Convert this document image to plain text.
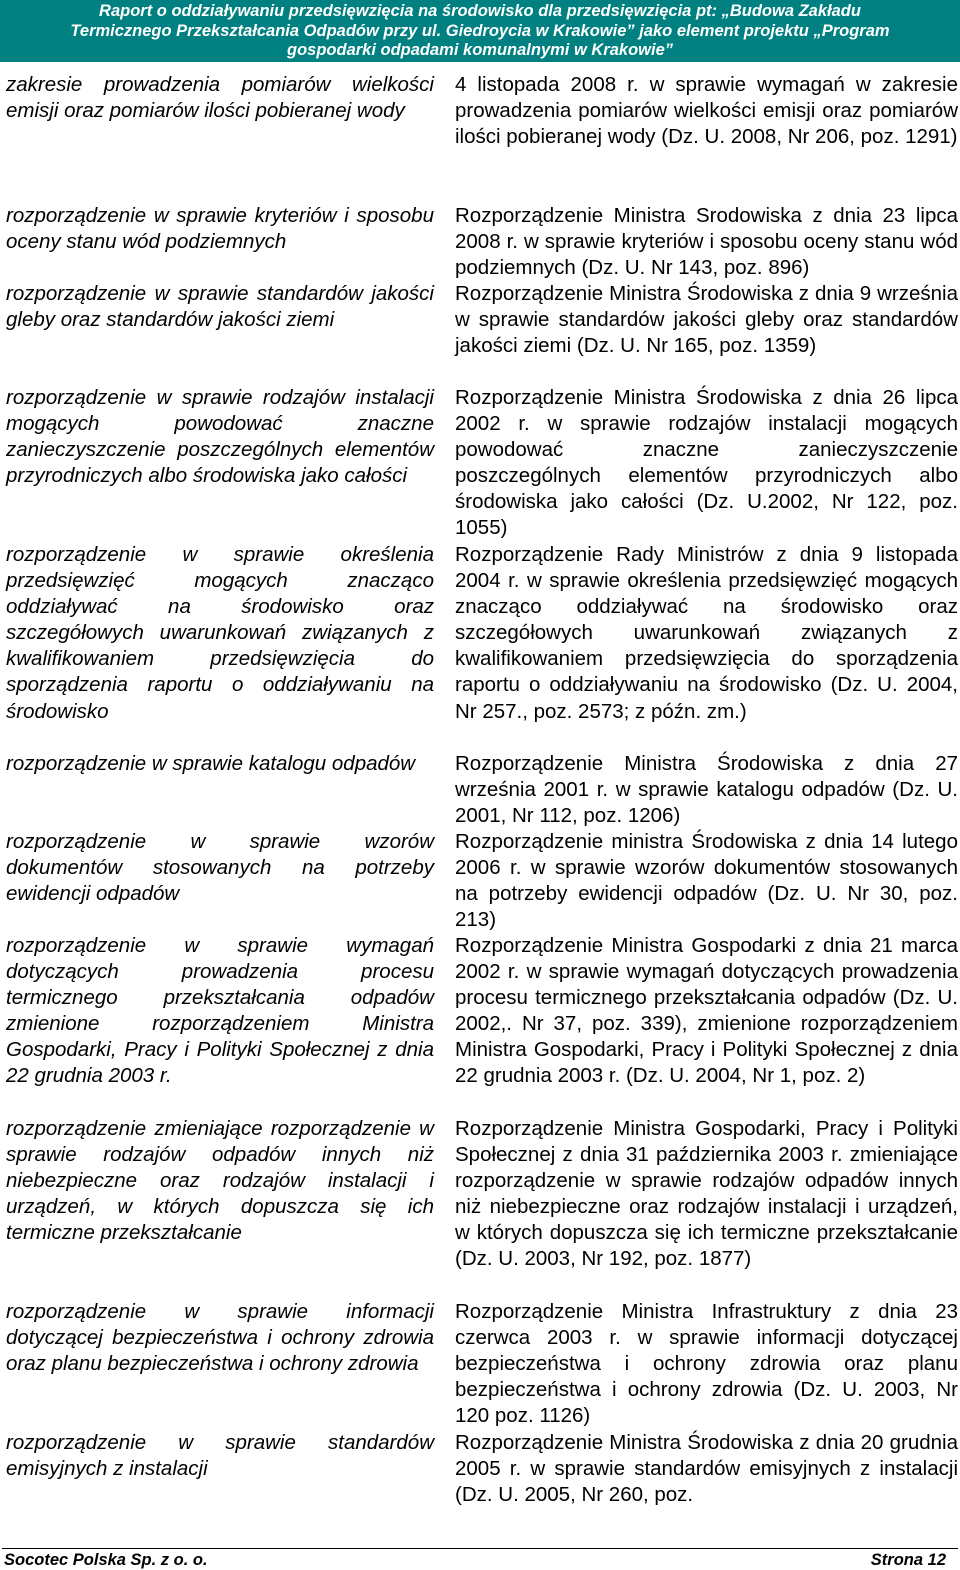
Raport o oddziaływaniu przedsięwzięcia na środowisko dla przedsięwzięcia pt: „Budowa Zakładu
Termicznego Przekształcania Odpadów przy ul. Giedroycia w Krakowie” jako element projektu „Program
gospodarki odpadami komunalnymi w Krakowie”
zakresie prowadzenia pomiarów wielkości emisji oraz pomiarów ilości pobieranej wody
4 listopada 2008 r. w sprawie wymagań w zakresie prowadzenia pomiarów wielkości emisji oraz pomiarów ilości pobieranej wody (Dz. U. 2008, Nr 206, poz. 1291)
rozporządzenie w sprawie kryteriów i sposobu oceny stanu wód podziemnych
Rozporządzenie Ministra Srodowiska z dnia 23 lipca 2008 r. w sprawie kryteriów i sposobu oceny stanu wód podziemnych (Dz. U. Nr 143, poz. 896)
rozporządzenie w sprawie standardów jakości gleby oraz standardów jakości ziemi
Rozporządzenie Ministra Środowiska z dnia 9 września w sprawie standardów jakości gleby oraz standardów jakości ziemi (Dz. U. Nr 165, poz. 1359)
rozporządzenie w sprawie rodzajów instalacji mogących powodować znaczne zanieczyszczenie poszczególnych elementów przyrodniczych albo środowiska jako całości
Rozporządzenie Ministra Środowiska z dnia 26 lipca 2002 r. w sprawie rodzajów instalacji mogących powodować znaczne zanieczyszczenie poszczególnych elementów przyrodniczych albo środowiska jako całości (Dz. U.2002, Nr 122, poz. 1055)
rozporządzenie w sprawie określenia przedsięwzięć mogących znacząco oddziaływać na środowisko oraz szczegółowych uwarunkowań związanych z kwalifikowaniem przedsięwzięcia do sporządzenia raportu o oddziaływaniu na środowisko
Rozporządzenie Rady Ministrów z dnia 9 listopada 2004 r. w sprawie określenia przedsięwzięć mogących znacząco oddziaływać na środowisko oraz szczegółowych uwarunkowań związanych z kwalifikowaniem przedsięwzięcia do sporządzenia raportu o oddziaływaniu na środowisko (Dz. U. 2004, Nr 257., poz. 2573; z późn. zm.)
rozporządzenie w sprawie katalogu odpadów	Rozporządzenie Ministra Środowiska z dnia 27 września 2001 r. w sprawie katalogu odpadów (Dz. U. 2001, Nr 112, poz. 1206)
rozporządzenie w sprawie wzorów dokumentów stosowanych na potrzeby ewidencji odpadów
Rozporządzenie ministra Środowiska z dnia 14 lutego 2006 r. w sprawie wzorów dokumentów stosowanych na potrzeby ewidencji odpadów (Dz. U. Nr 30, poz. 213)
rozporządzenie w sprawie wymagań dotyczących prowadzenia procesu termicznego przekształcania odpadów zmienione rozporządzeniem Ministra Gospodarki, Pracy i Polityki Społecznej z dnia 22 grudnia 2003 r.
Rozporządzenie Ministra Gospodarki z dnia 21 marca 2002 r. w sprawie wymagań dotyczących prowadzenia procesu termicznego przekształcania odpadów (Dz. U. 2002,. Nr 37, poz. 339), zmienione rozporządzeniem Ministra Gospodarki, Pracy i Polityki Społecznej z dnia 22 grudnia 2003 r. (Dz. U. 2004, Nr 1, poz. 2)
rozporządzenie zmieniające rozporządzenie w sprawie rodzajów odpadów innych niż niebezpieczne oraz rodzajów instalacji i urządzeń, w których dopuszcza się ich termiczne przekształcanie
Rozporządzenie Ministra Gospodarki, Pracy i Polityki Społecznej z dnia 31 października 2003 r. zmieniające rozporządzenie w sprawie rodzajów odpadów innych niż niebezpieczne oraz rodzajów instalacji i urządzeń, w których dopuszcza się ich termiczne przekształcanie (Dz. U. 2003, Nr 192, poz. 1877)
rozporządzenie w sprawie informacji dotyczącej bezpieczeństwa i ochrony zdrowia oraz planu bezpieczeństwa i ochrony zdrowia
Rozporządzenie Ministra Infrastruktury z dnia 23 czerwca 2003 r. w sprawie informacji dotyczącej bezpieczeństwa i ochrony zdrowia oraz planu bezpieczeństwa i ochrony zdrowia (Dz. U. 2003, Nr 120 poz. 1126)
rozporządzenie w sprawie standardów emisyjnych z instalacji
Rozporządzenie Ministra Środowiska z dnia 20 grudnia 2005 r. w sprawie standardów emisyjnych z instalacji (Dz. U. 2005, Nr 260, poz.
Socotec Polska Sp. z o. o.	Strona 12
